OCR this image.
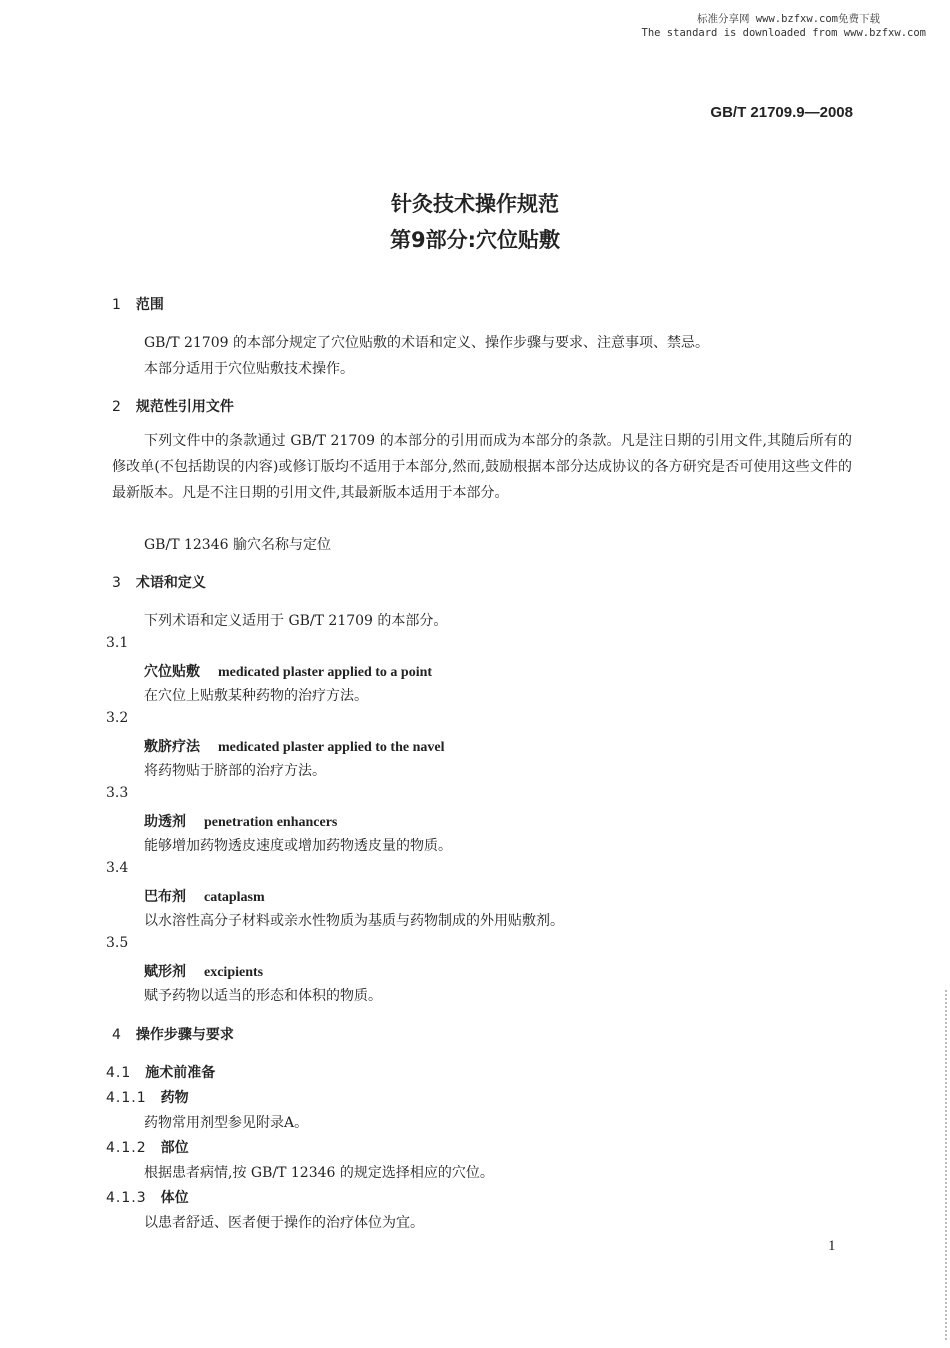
标准分享网 www.bzfxw.com免费下载
The standard is downloaded from www.bzfxw.com
GB/T 21709.9—2008
针灸技术操作规范
第9部分:穴位贴敷
1 范围
GB/T 21709 的本部分规定了穴位贴敷的术语和定义、操作步骤与要求、注意事项、禁忌。
本部分适用于穴位贴敷技术操作。
2 规范性引用文件
下列文件中的条款通过 GB/T 21709 的本部分的引用而成为本部分的条款。凡是注日期的引用文件,其随后所有的修改单(不包括勘误的内容)或修订版均不适用于本部分,然而,鼓励根据本部分达成协议的各方研究是否可使用这些文件的最新版本。凡是不注日期的引用文件,其最新版本适用于本部分。
GB/T 12346 腧穴名称与定位
3 术语和定义
下列术语和定义适用于 GB/T 21709 的本部分。
3.1
穴位贴敷 medicated plaster applied to a point
在穴位上贴敷某种药物的治疗方法。
3.2
敷脐疗法 medicated plaster applied to the navel
将药物贴于脐部的治疗方法。
3.3
助透剂 penetration enhancers
能够增加药物透皮速度或增加药物透皮量的物质。
3.4
巴布剂 cataplasm
以水溶性高分子材料或亲水性物质为基质与药物制成的外用贴敷剂。
3.5
赋形剂 excipients
赋予药物以适当的形态和体积的物质。
4 操作步骤与要求
4.1 施术前准备
4.1.1 药物
药物常用剂型参见附录A。
4.1.2 部位
根据患者病情,按 GB/T 12346 的规定选择相应的穴位。
4.1.3 体位
以患者舒适、医者便于操作的治疗体位为宜。
1
